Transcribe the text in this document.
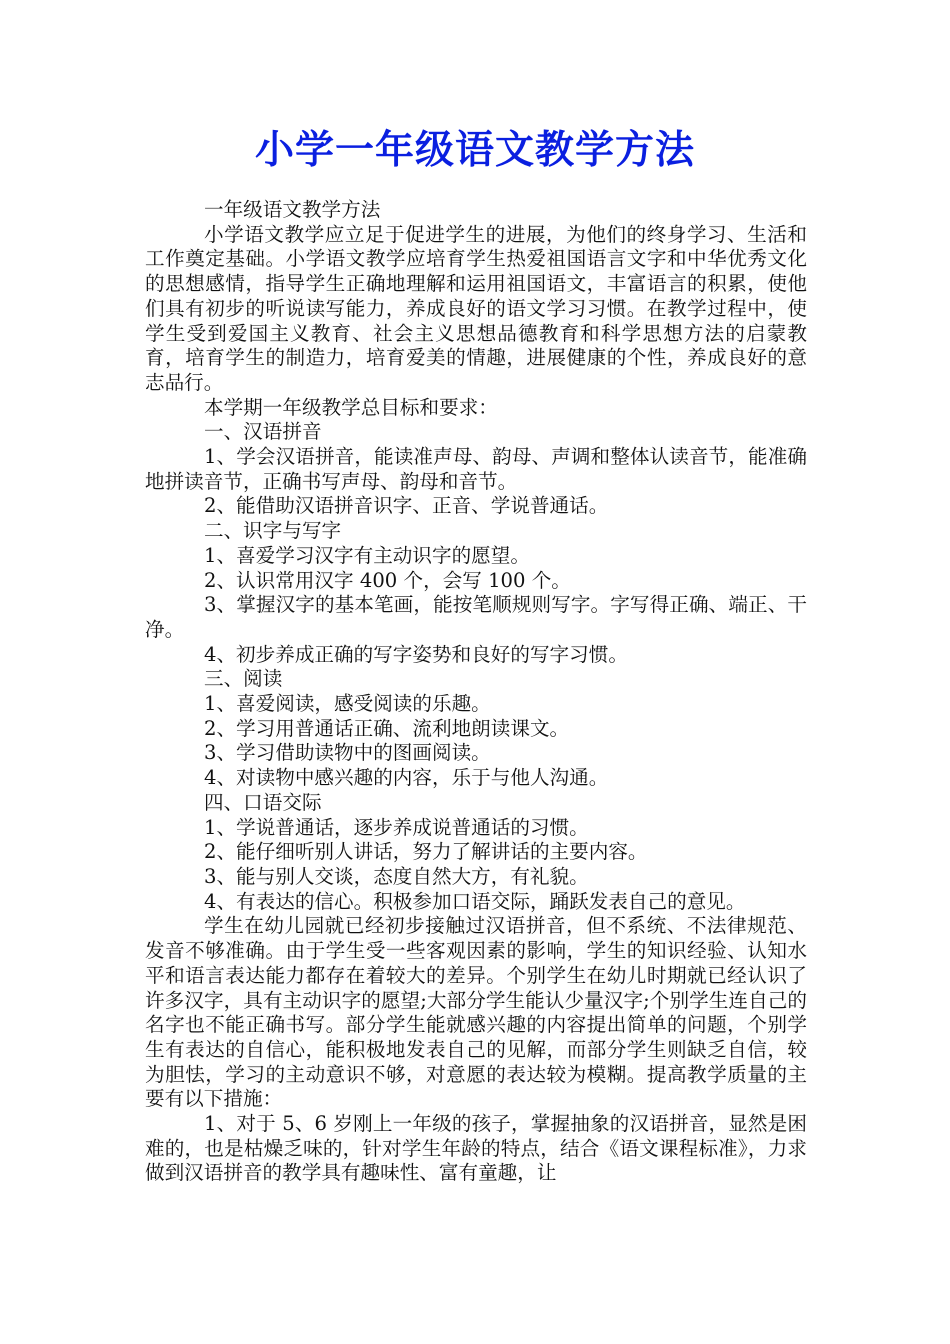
小学一年级语文教学方法

一年级语文教学方法

小学语文教学应立足于促进学生的进展，为他们的终身学习、生活和工作奠定基础。小学语文教学应培育学生热爱祖国语言文字和中华优秀文化的思想感情，指导学生正确地理解和运用祖国语文，丰富语言的积累，使他们具有初步的听说读写能力，养成良好的语文学习习惯。在教学过程中，使学生受到爱国主义教育、社会主义思想品德教育和科学思想方法的启蒙教育，培育学生的制造力，培育爱美的情趣，进展健康的个性，养成良好的意志品行。

本学期一年级教学总目标和要求：

一、汉语拼音

1、学会汉语拼音，能读准声母、韵母、声调和整体认读音节，能准确地拼读音节，正确书写声母、韵母和音节。

2、能借助汉语拼音识字、正音、学说普通话。

二、识字与写字

1、喜爱学习汉字有主动识字的愿望。

2、认识常用汉字 400 个，会写 100 个。

3、掌握汉字的基本笔画，能按笔顺规则写字。字写得正确、端正、干净。

4、初步养成正确的写字姿势和良好的写字习惯。

三、阅读

1、喜爱阅读，感受阅读的乐趣。

2、学习用普通话正确、流利地朗读课文。

3、学习借助读物中的图画阅读。

4、对读物中感兴趣的内容，乐于与他人沟通。

四、口语交际

1、学说普通话，逐步养成说普通话的习惯。

2、能仔细听别人讲话，努力了解讲话的主要内容。

3、能与别人交谈，态度自然大方，有礼貌。

4、有表达的信心。积极参加口语交际，踊跃发表自己的意见。

学生在幼儿园就已经初步接触过汉语拼音，但不系统、不法律规范、发音不够准确。由于学生受一些客观因素的影响，学生的知识经验、认知水平和语言表达能力都存在着较大的差异。个别学生在幼儿时期就已经认识了许多汉字，具有主动识字的愿望;大部分学生能认少量汉字;个别学生连自己的名字也不能正确书写。部分学生能就感兴趣的内容提出简单的问题，个别学生有表达的自信心，能积极地发表自己的见解，而部分学生则缺乏自信，较为胆怯，学习的主动意识不够，对意愿的表达较为模糊。提高教学质量的主要有以下措施：

1、对于 5、6 岁刚上一年级的孩子，掌握抽象的汉语拼音，显然是困难的，也是枯燥乏味的，针对学生年龄的特点，结合《语文课程标准》，力求做到汉语拼音的教学具有趣味性、富有童趣，让
